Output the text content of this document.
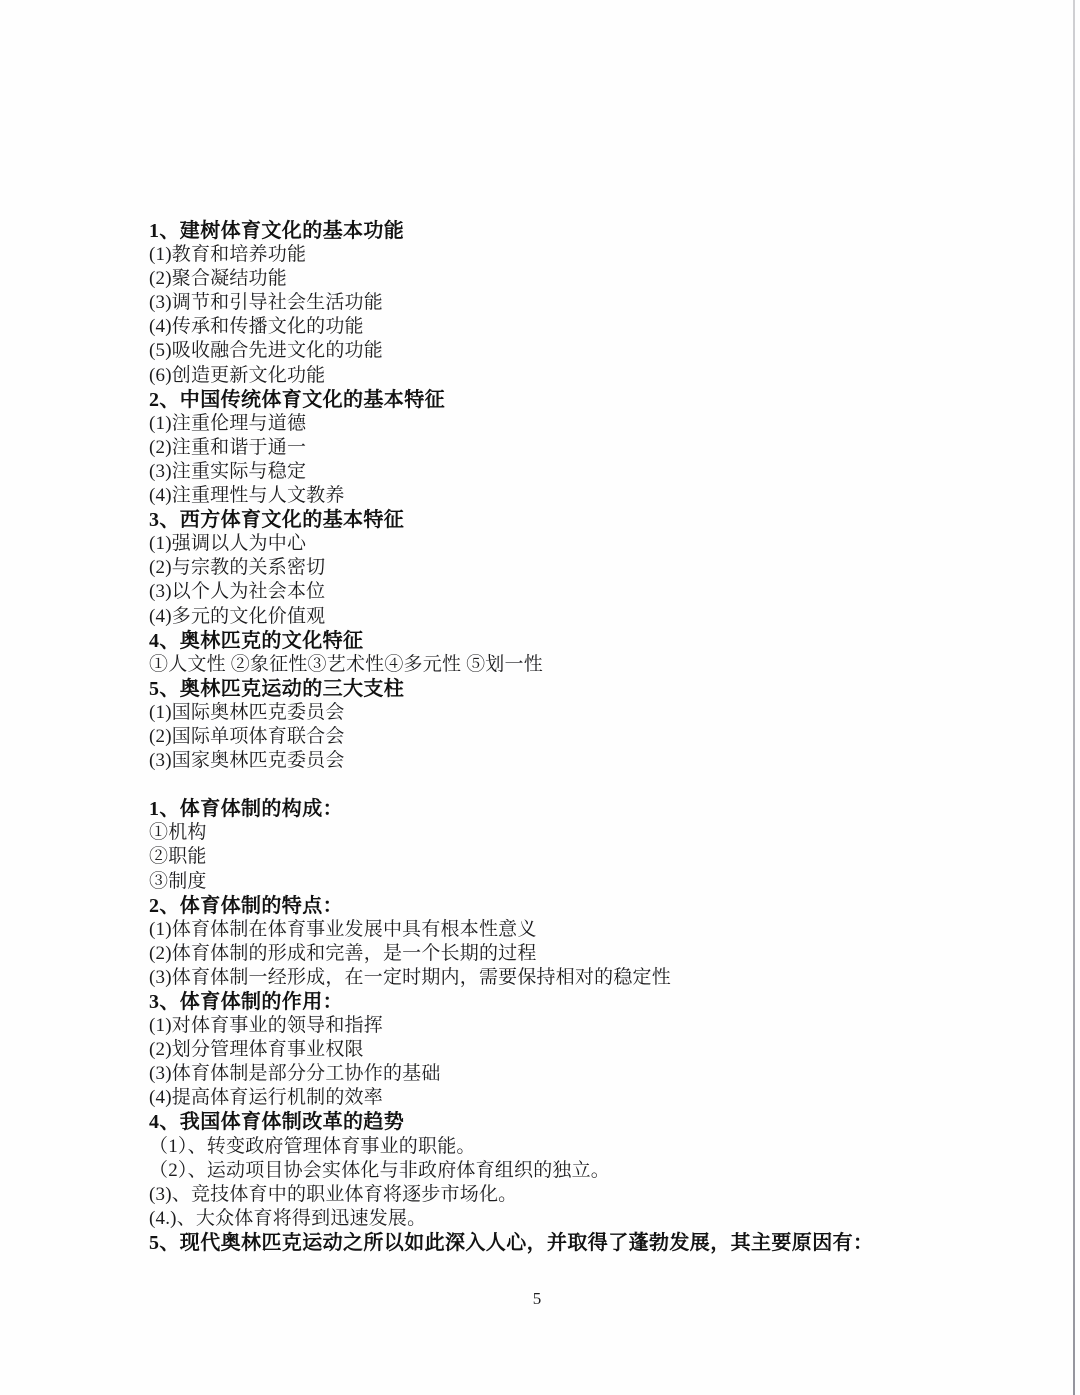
1、建树体育文化的基本功能
(1)教育和培养功能
(2)聚合凝结功能
(3)调节和引导社会生活功能
(4)传承和传播文化的功能
(5)吸收融合先进文化的功能
(6)创造更新文化功能
2、中国传统体育文化的基本特征
(1)注重伦理与道德
(2)注重和谐于通一
(3)注重实际与稳定
(4)注重理性与人文教养
3、西方体育文化的基本特征
(1)强调以人为中心
(2)与宗教的关系密切
(3)以个人为社会本位
(4)多元的文化价值观
4、奥林匹克的文化特征
①人文性 ②象征性③艺术性④多元性 ⑤划一性
5、奥林匹克运动的三大支柱
(1)国际奥林匹克委员会
(2)国际单项体育联合会
(3)国家奥林匹克委员会
1、体育体制的构成：
①机构
②职能
③制度
2、体育体制的特点：
(1)体育体制在体育事业发展中具有根本性意义
(2)体育体制的形成和完善，是一个长期的过程
(3)体育体制一经形成，在一定时期内，需要保持相对的稳定性
3、体育体制的作用：
(1)对体育事业的领导和指挥
(2)划分管理体育事业权限
(3)体育体制是部分分工协作的基础
(4)提高体育运行机制的效率
4、我国体育体制改革的趋势
（1）、转变政府管理体育事业的职能。
（2）、运动项目协会实体化与非政府体育组织的独立。
(3)、竞技体育中的职业体育将逐步市场化。
(4.)、大众体育将得到迅速发展。
5、现代奥林匹克运动之所以如此深入人心，并取得了蓬勃发展，其主要原因有：
5
